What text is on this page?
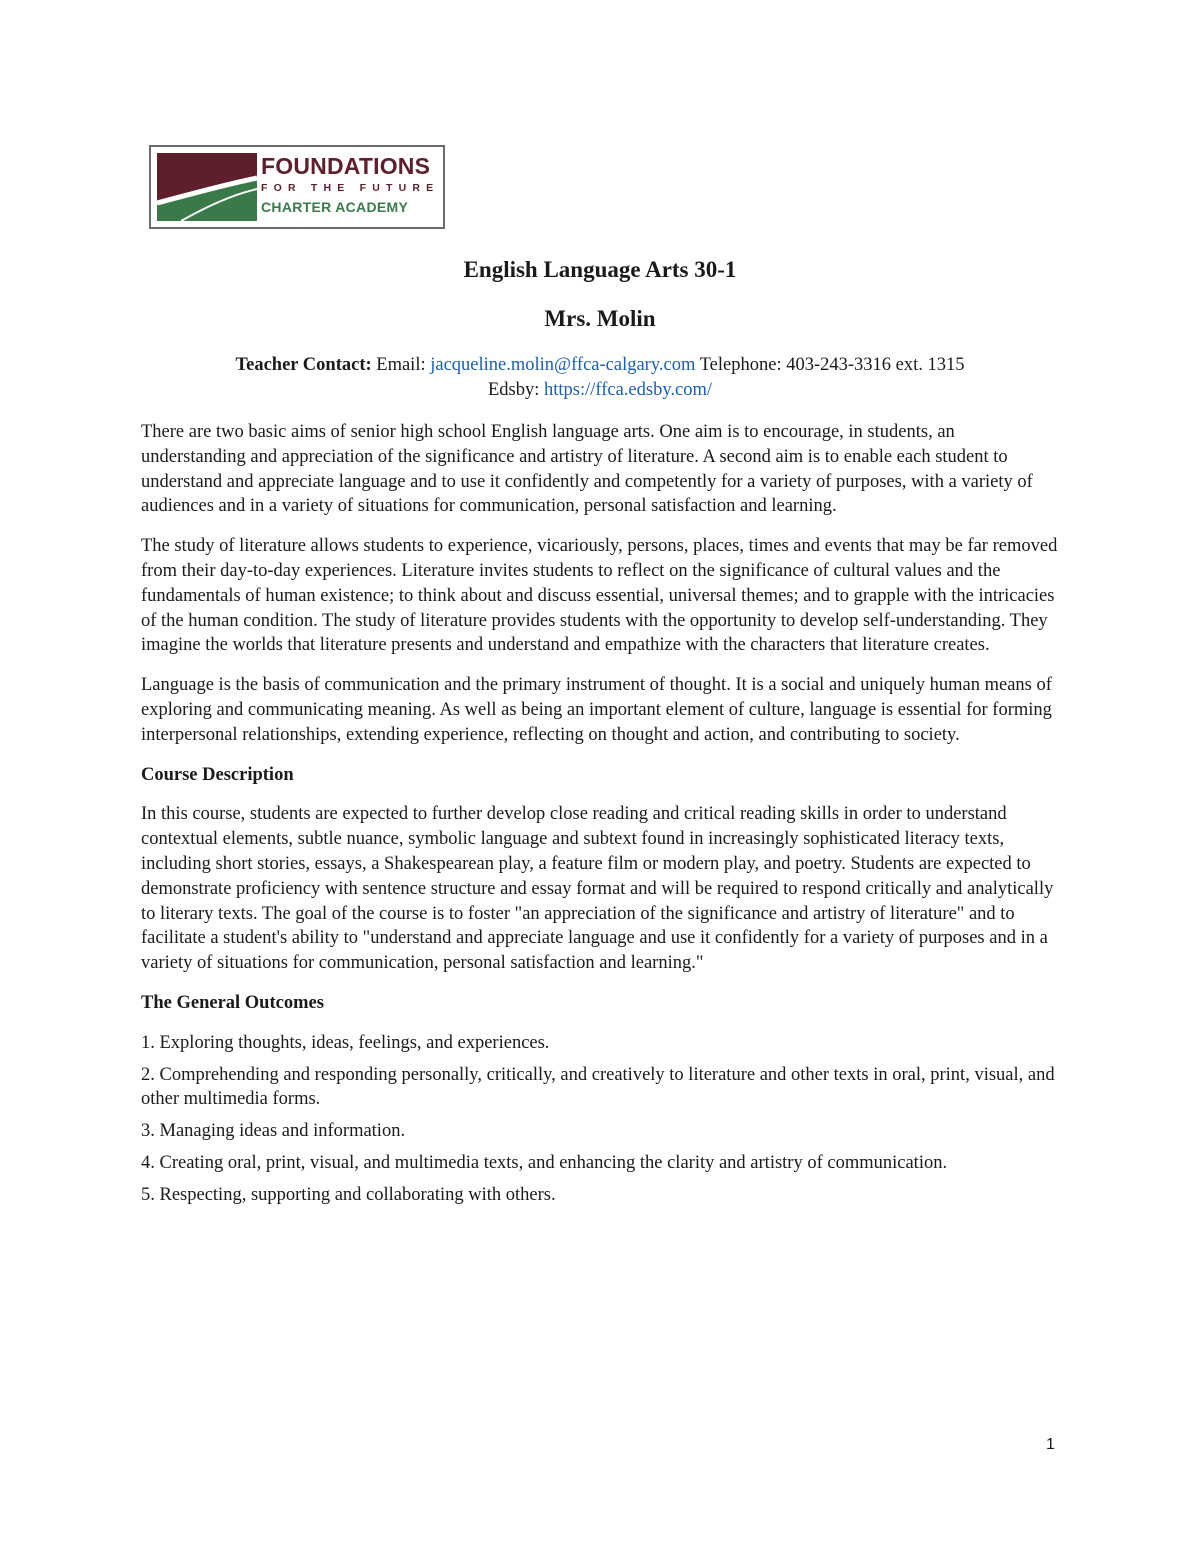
FOUNDATIONS
FOR THE FUTURE
CHARTER ACADEMY
English Language Arts 30-1
Mrs. Molin
Teacher Contact: Email: jacqueline.molin@ffca-calgary.com Telephone: 403-243-3316 ext. 1315
Edsby: https://ffca.edsby.com/

There are two basic aims of senior high school English language arts. One aim is to encourage, in students, an understanding and appreciation of the significance and artistry of literature. A second aim is to enable each student to understand and appreciate language and to use it confidently and competently for a variety of purposes, with a variety of audiences and in a variety of situations for communication, personal satisfaction and learning.

The study of literature allows students to experience, vicariously, persons, places, times and events that may be far removed from their day-to-day experiences. Literature invites students to reflect on the significance of cultural values and the fundamentals of human existence; to think about and discuss essential, universal themes; and to grapple with the intricacies of the human condition. The study of literature provides students with the opportunity to develop self-understanding. They imagine the worlds that literature presents and understand and empathize with the characters that literature creates.

Language is the basis of communication and the primary instrument of thought. It is a social and uniquely human means of exploring and communicating meaning. As well as being an important element of culture, language is essential for forming interpersonal relationships, extending experience, reflecting on thought and action, and contributing to society.

Course Description

In this course, students are expected to further develop close reading and critical reading skills in order to understand contextual elements, subtle nuance, symbolic language and subtext found in increasingly sophisticated literacy texts, including short stories, essays, a Shakespearean play, a feature film or modern play, and poetry. Students are expected to demonstrate proficiency with sentence structure and essay format and will be required to respond critically and analytically to literary texts. The goal of the course is to foster "an appreciation of the significance and artistry of literature" and to facilitate a student's ability to "understand and appreciate language and use it confidently for a variety of purposes and in a variety of situations for communication, personal satisfaction and learning."

The General Outcomes

1. Exploring thoughts, ideas, feelings, and experiences.

2. Comprehending and responding personally, critically, and creatively to literature and other texts in oral, print, visual, and other multimedia forms.

3. Managing ideas and information.

4. Creating oral, print, visual, and multimedia texts, and enhancing the clarity and artistry of communication.

5. Respecting, supporting and collaborating with others.

1
